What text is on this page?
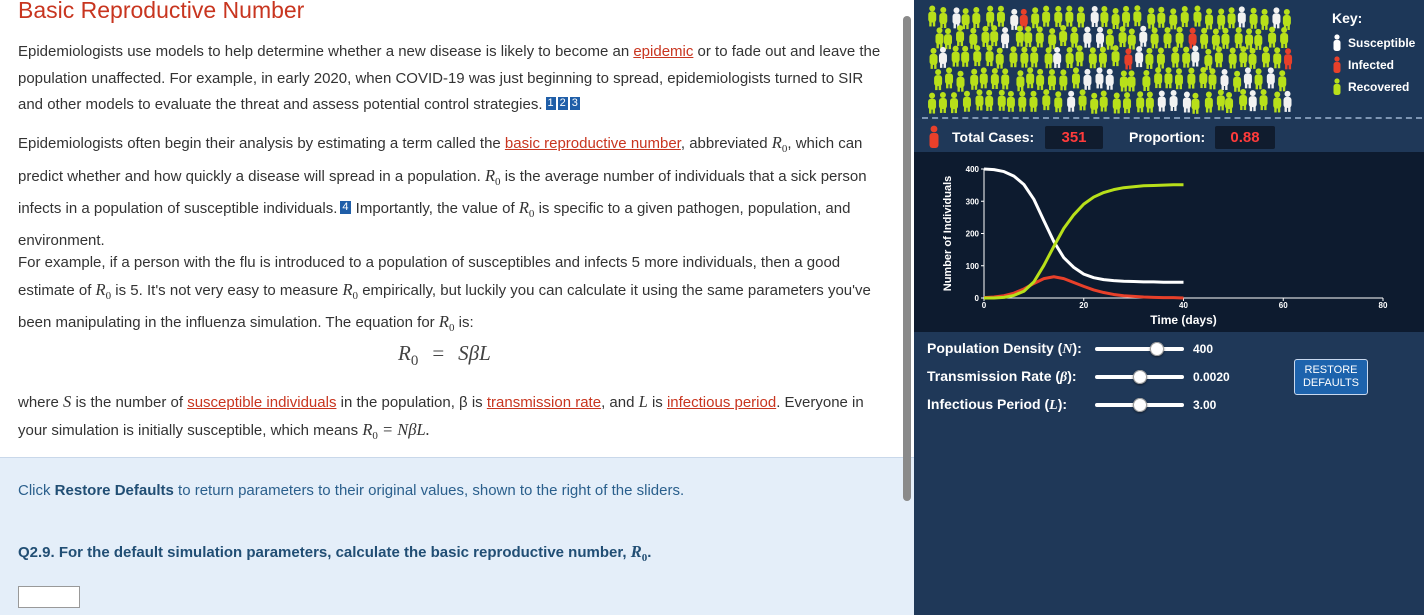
Basic Reproductive Number
Epidemiologists use models to help determine whether a new disease is likely to become an epidemic or to fade out and leave the population unaffected. For example, in early 2020, when COVID-19 was just beginning to spread, epidemiologists turned to SIR and other models to evaluate the threat and assess potential control strategies. 1 2 3
Epidemiologists often begin their analysis by estimating a term called the basic reproductive number, abbreviated $R_0$, which can predict whether and how quickly a disease will spread in a population. $R_0$ is the average number of individuals that a sick person infects in a population of susceptible individuals. 4 Importantly, the value of $R_0$ is specific to a given pathogen, population, and environment.
For example, if a person with the flu is introduced to a population of susceptibles and infects 5 more individuals, then a good estimate of $R_0$ is 5. It's not very easy to measure $R_0$ empirically, but luckily you can calculate it using the same parameters you've been manipulating in the influenza simulation. The equation for $R_0$ is:
$R_0 = S\beta L$
where S is the number of susceptible individuals in the population, β is transmission rate, and L is infectious period. Everyone in your simulation is initially susceptible, which means $R_0 = N\beta L$.
Click Restore Defaults to return parameters to their original values, shown to the right of the sliders.
Q2.9. For the default simulation parameters, calculate the basic reproductive number, $R_0$.
Key:
Susceptible
Infected
Recovered
Total Cases:	351	Proportion:	0.88
0
100
200
300
400
0	20	40	60	80
Time (days)
Number of Individuals
Population Density (N):	400
Transmission Rate (β):	0.0020
Infectious Period (L):	3.00
RESTORE DEFAULTS
